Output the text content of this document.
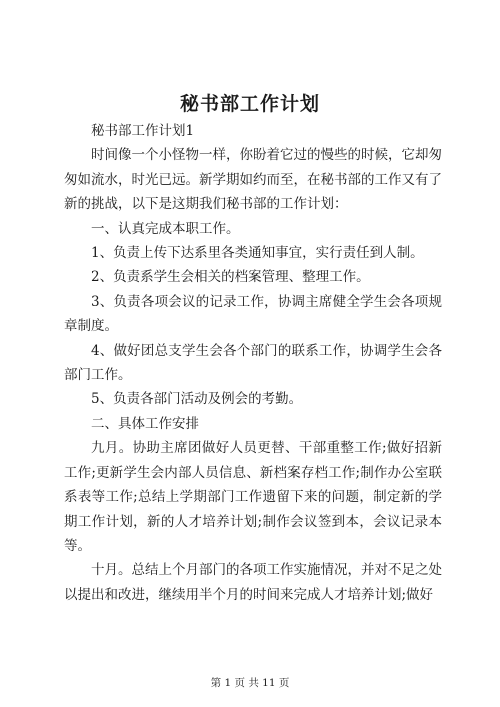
秘书部工作计划

秘书部工作计划1

时间像一个小怪物一样，你盼着它过的慢些的时候，它却匆匆如流水，时光已远。新学期如约而至，在秘书部的工作又有了新的挑战，以下是这期我们秘书部的工作计划：

一、认真完成本职工作。

1、负责上传下达系里各类通知事宜，实行责任到人制。

2、负责系学生会相关的档案管理、整理工作。

3、负责各项会议的记录工作，协调主席健全学生会各项规章制度。

4、做好团总支学生会各个部门的联系工作，协调学生会各部门工作。

5、负责各部门活动及例会的考勤。

二、具体工作安排

九月。协助主席团做好人员更替、干部重整工作;做好招新工作;更新学生会内部人员信息、新档案存档工作;制作办公室联系表等工作;总结上学期部门工作遗留下来的问题，制定新的学期工作计划，新的人才培养计划;制作会议签到本，会议记录本等。

十月。总结上个月部门的各项工作实施情况，并对不足之处以提出和改进，继续用半个月的时间来完成人才培养计划;做好

第 1 页 共 11 页
